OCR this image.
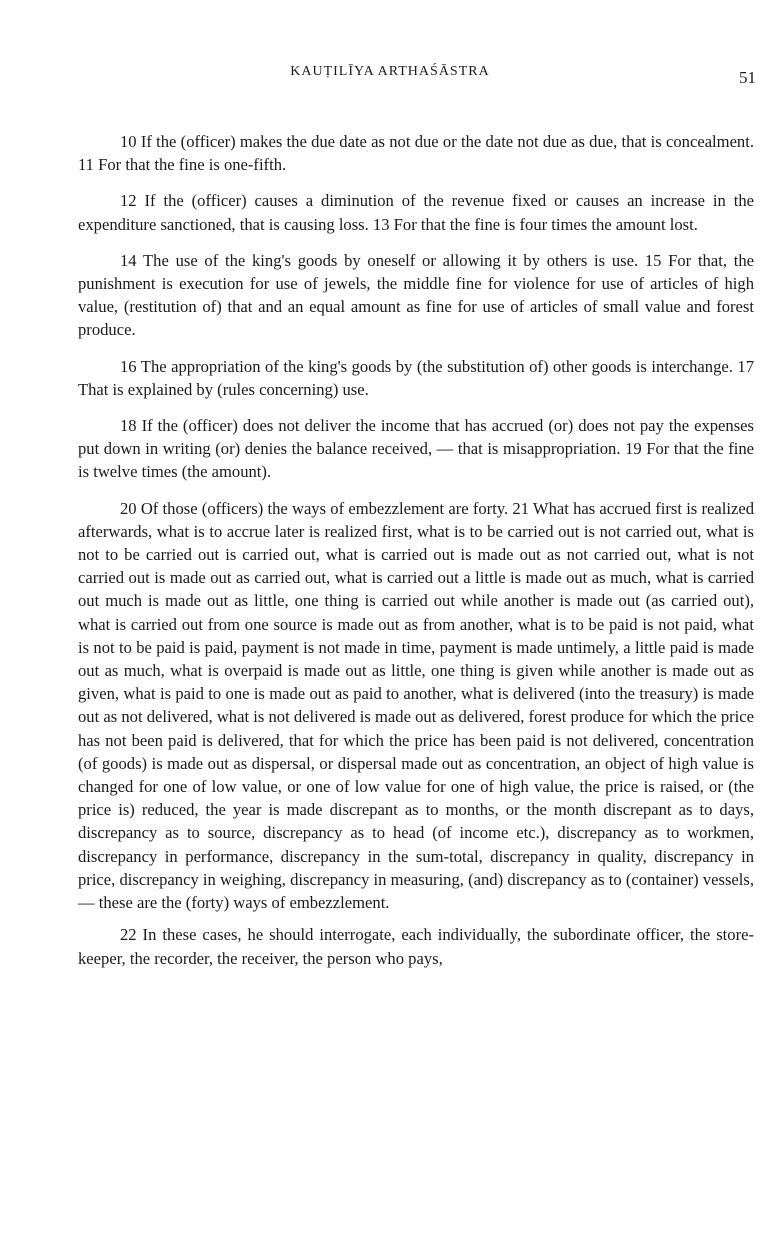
KAUṬILĪYA ARTHAŚĀSTRA	51

10 If the (officer) makes the due date as not due or the date not due as due, that is concealment. 11 For that the fine is one-fifth.

12 If the (officer) causes a diminution of the revenue fixed or causes an increase in the expenditure sanctioned, that is causing loss. 13 For that the fine is four times the amount lost.

14 The use of the king's goods by oneself or allowing it by others is use. 15 For that, the punishment is execution for use of jewels, the middle fine for violence for use of articles of high value, (restitution of) that and an equal amount as fine for use of articles of small value and forest produce.

16 The appropriation of the king's goods by (the substitution of) other goods is interchange. 17 That is explained by (rules concerning) use.

18 If the (officer) does not deliver the income that has accrued (or) does not pay the expenses put down in writing (or) denies the balance received, — that is misappropriation. 19 For that the fine is twelve times (the amount).

20 Of those (officers) the ways of embezzlement are forty. 21 What has accrued first is realized afterwards, what is to accrue later is realized first, what is to be carried out is not carried out, what is not to be carried out is carried out, what is carried out is made out as not carried out, what is not carried out is made out as carried out, what is carried out a little is made out as much, what is carried out much is made out as little, one thing is carried out while another is made out (as carried out), what is carried out from one source is made out as from another, what is to be paid is not paid, what is not to be paid is paid, payment is not made in time, payment is made untimely, a little paid is made out as much, what is overpaid is made out as little, one thing is given while another is made out as given, what is paid to one is made out as paid to another, what is delivered (into the treasury) is made out as not delivered, what is not delivered is made out as delivered, forest produce for which the price has not been paid is delivered, that for which the price has been paid is not delivered, concentration (of goods) is made out as dispersal, or dispersal made out as concentration, an object of high value is changed for one of low value, or one of low value for one of high value, the price is raised, or (the price is) reduced, the year is made discrepant as to months, or the month discrepant as to days, discrepancy as to source, discrepancy as to head (of income etc.), discrepancy as to workmen, discrepancy in performance, discrepancy in the sum-total, discrepancy in quality, discrepancy in price, discrepancy in weighing, discrepancy in measuring, (and) discrepancy as to (container) vessels, — these are the (forty) ways of embezzlement.

22 In these cases, he should interrogate, each individually, the subordinate officer, the store-keeper, the recorder, the receiver, the person who pays,
